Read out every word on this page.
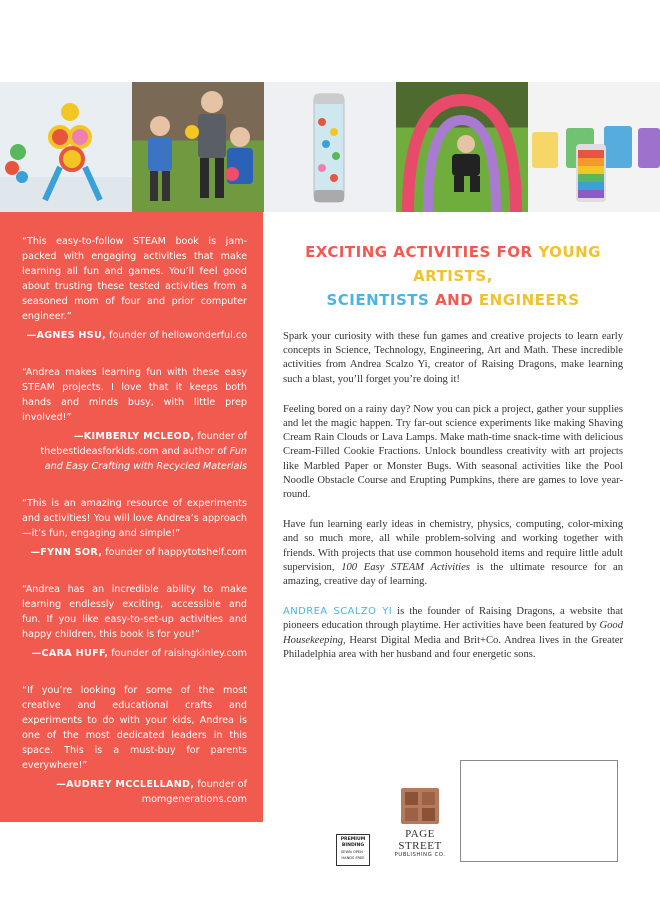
“This easy-to-follow STEAM book is jam-packed with engaging activities that make learning all fun and games. You’ll feel good about trusting these tested activities from a seasoned mom of four and prior computer engineer.”

—AGNES HSU, founder of hellowonderful.co

“Andrea makes learning fun with these easy STEAM projects. I love that it keeps both hands and minds busy, with little prep involved!”

—KIMBERLY MCLEOD, founder of thebestideasforkids.com and author of Fun and Easy Crafting with Recycled Materials

“This is an amazing resource of experiments and activities! You will love Andrea’s approach—it’s fun, engaging and simple!”

—FYNN SOR, founder of happytotshelf.com

“Andrea has an incredible ability to make learning endlessly exciting, accessible and fun. If you like easy-to-set-up activities and happy children, this book is for you!”

—CARA HUFF, founder of raisingkinley.com

“If you’re looking for some of the most creative and educational crafts and experiments to do with your kids, Andrea is one of the most dedicated leaders in this space. This is a must-buy for parents everywhere!”

—AUDREY MCCLELLAND, founder of momgenerations.com

EXCITING ACTIVITIES FOR YOUNG ARTISTS,
SCIENTISTS AND ENGINEERS

Spark your curiosity with these fun games and creative projects to learn early concepts in Science, Technology, Engineering, Art and Math. These incredible activities from Andrea Scalzo Yi, creator of Raising Dragons, make learning such a blast, you’ll forget you’re doing it!

Feeling bored on a rainy day? Now you can pick a project, gather your supplies and let the magic happen. Try far-out science experiments like making Shaving Cream Rain Clouds or Lava Lamps. Make math-time snack-time with delicious Cream-Filled Cookie Fractions. Unlock boundless creativity with art projects like Marbled Paper or Monster Bugs. With seasonal activities like the Pool Noodle Obstacle Course and Erupting Pumpkins, there are games to love year-round.

Have fun learning early ideas in chemistry, physics, computing, color-mixing and so much more, all while problem-solving and working together with friends. With projects that use common household items and require little adult supervision, 100 Easy STEAM Activities is the ultimate resource for an amazing, creative day of learning.

ANDREA SCALZO YI is the founder of Raising Dragons, a website that pioneers education through playtime. Her activities have been featured by Good Housekeeping, Hearst Digital Media and Brit+Co. Andrea lives in the Greater Philadelphia area with her husband and four energetic sons.

PREMIUM
BINDING
SEWN OPEN · HANDS FREE
PAGE STREET
PUBLISHING CO.
